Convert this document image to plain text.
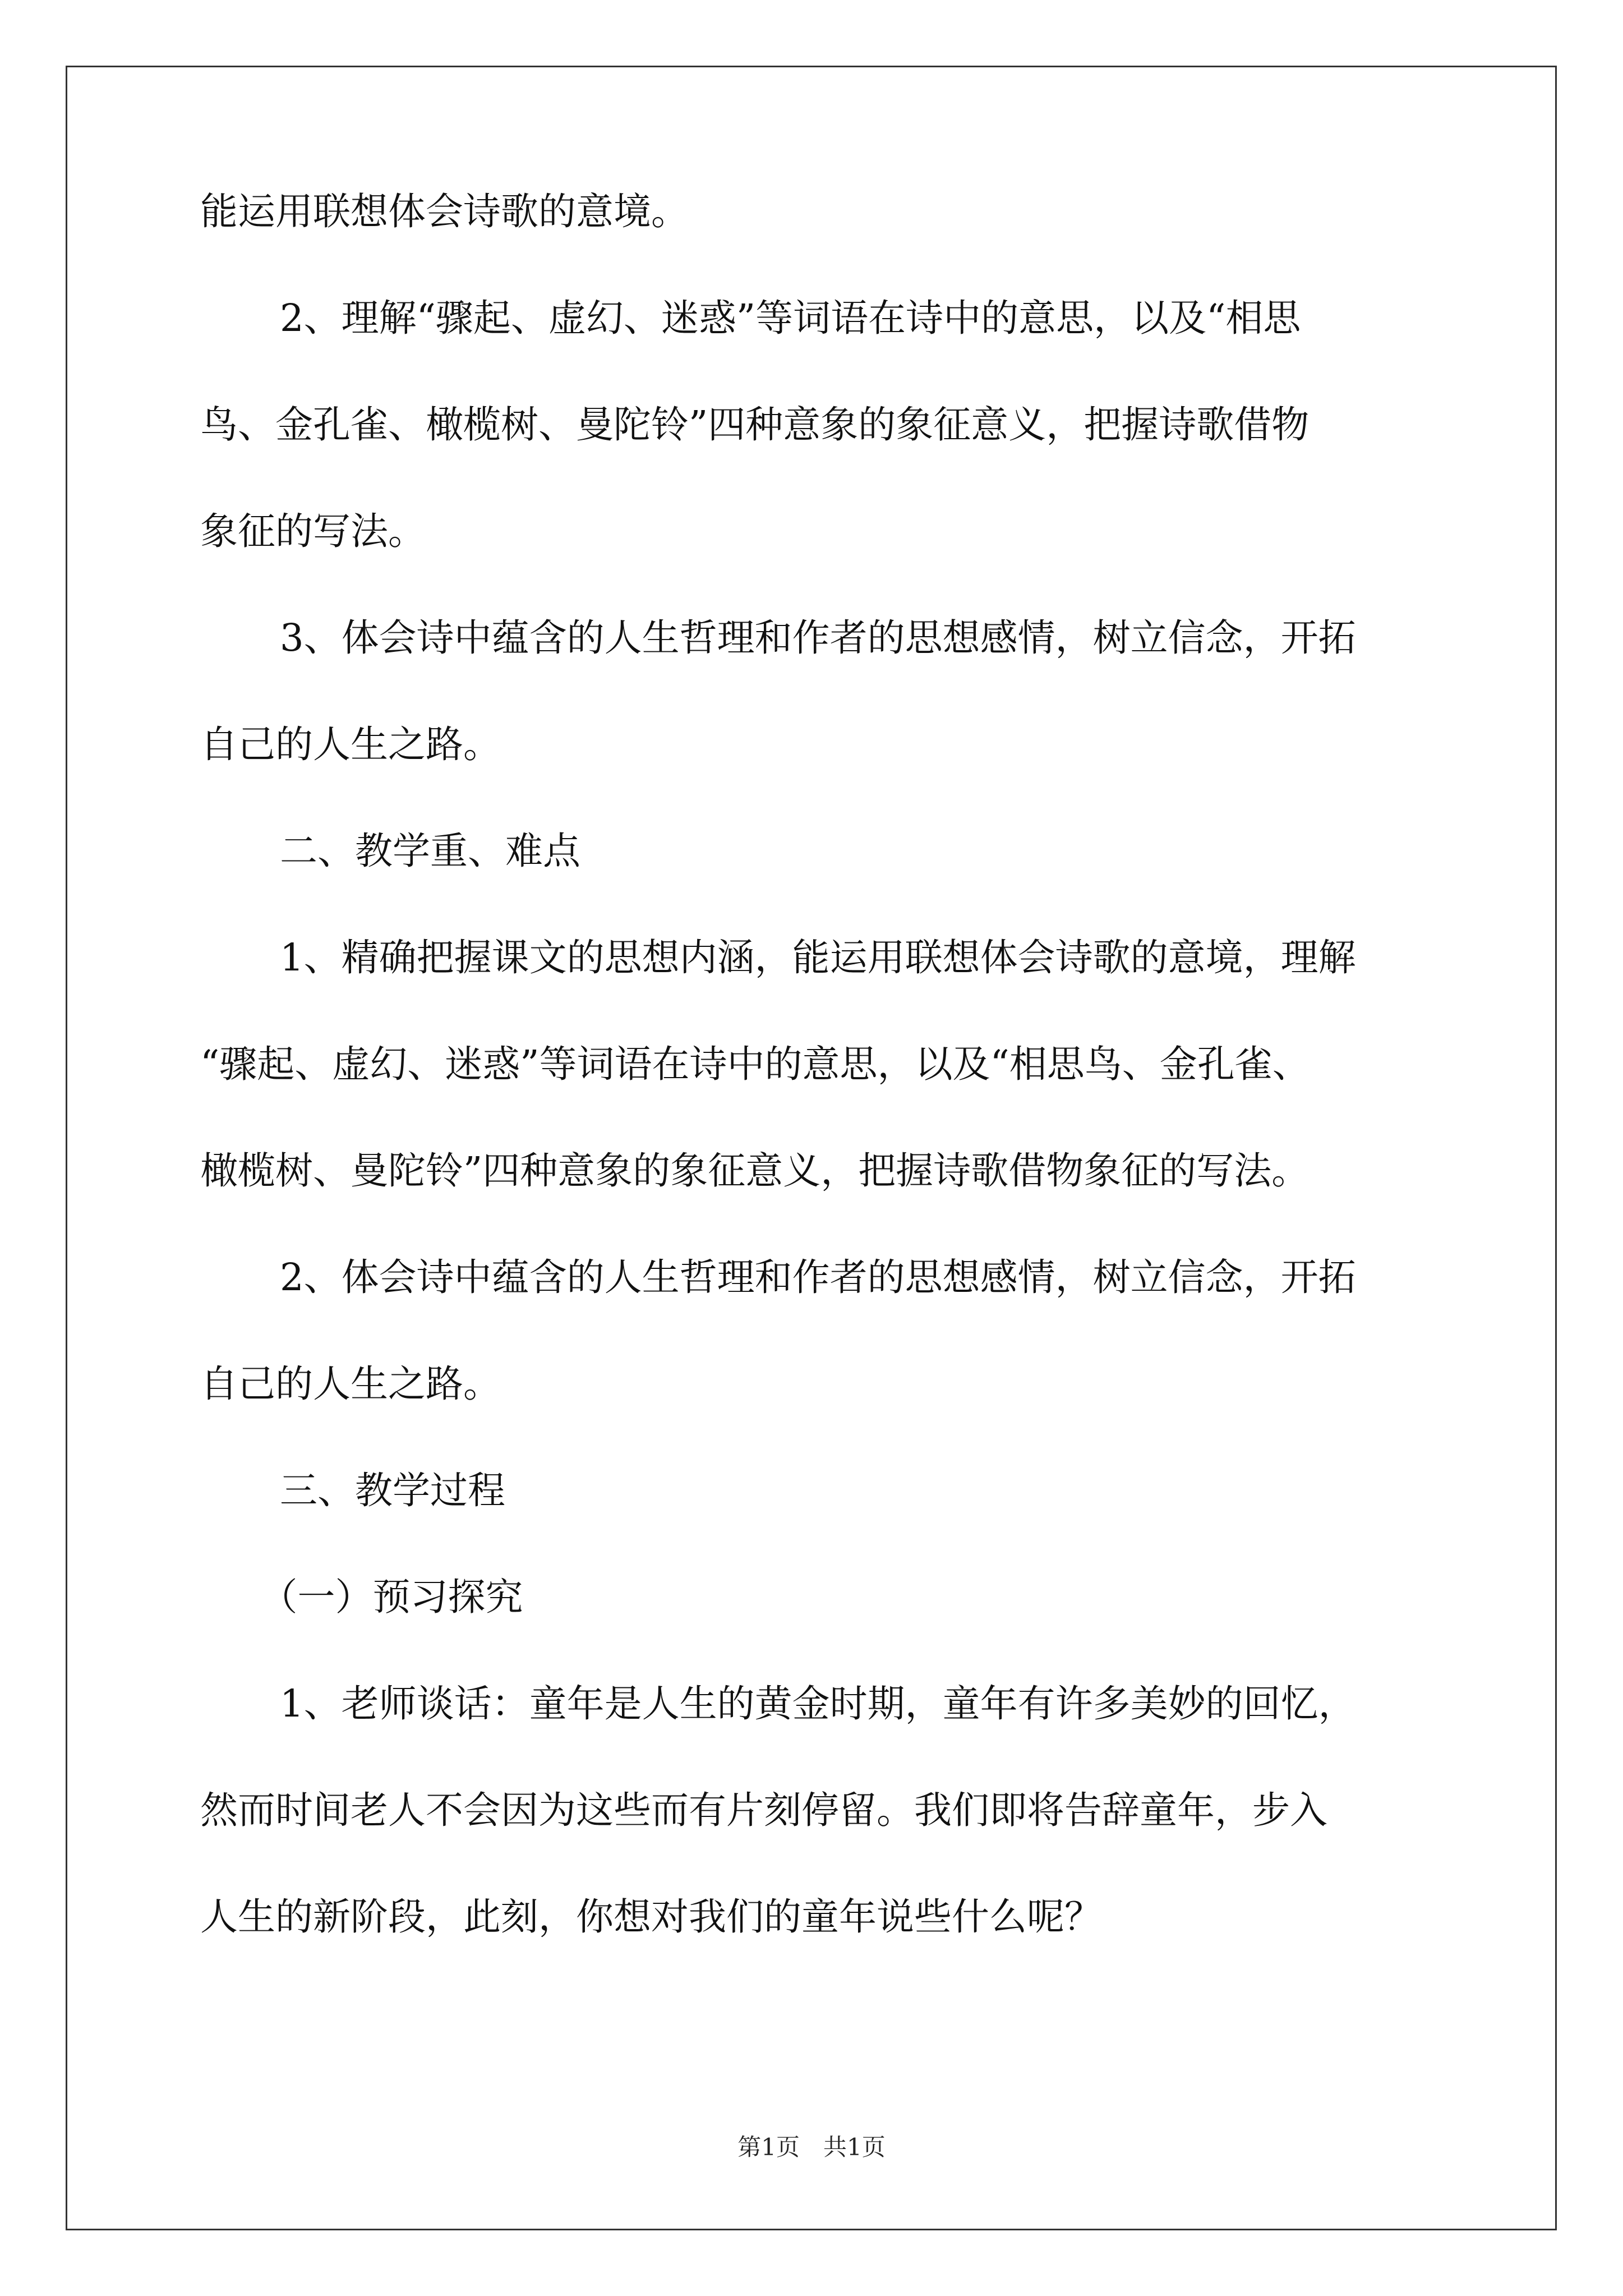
能运用联想体会诗歌的意境。
2、理解“骤起、虚幻、迷惑”等词语在诗中的意思，以及“相思
鸟、金孔雀、橄榄树、曼陀铃”四种意象的象征意义，把握诗歌借物
象征的写法。
3、体会诗中蕴含的人生哲理和作者的思想感情，树立信念，开拓
自己的人生之路。
二、教学重、难点
1、精确把握课文的思想内涵，能运用联想体会诗歌的意境，理解
“骤起、虚幻、迷惑”等词语在诗中的意思，以及“相思鸟、金孔雀、
橄榄树、曼陀铃”四种意象的象征意义，把握诗歌借物象征的写法。
2、体会诗中蕴含的人生哲理和作者的思想感情，树立信念，开拓
自己的人生之路。
三、教学过程
（一）预习探究
1、老师谈话：童年是人生的黄金时期，童年有许多美妙的回忆，
然而时间老人不会因为这些而有片刻停留。我们即将告辞童年，步入
人生的新阶段，此刻，你想对我们的童年说些什么呢？
第1页　共1页
